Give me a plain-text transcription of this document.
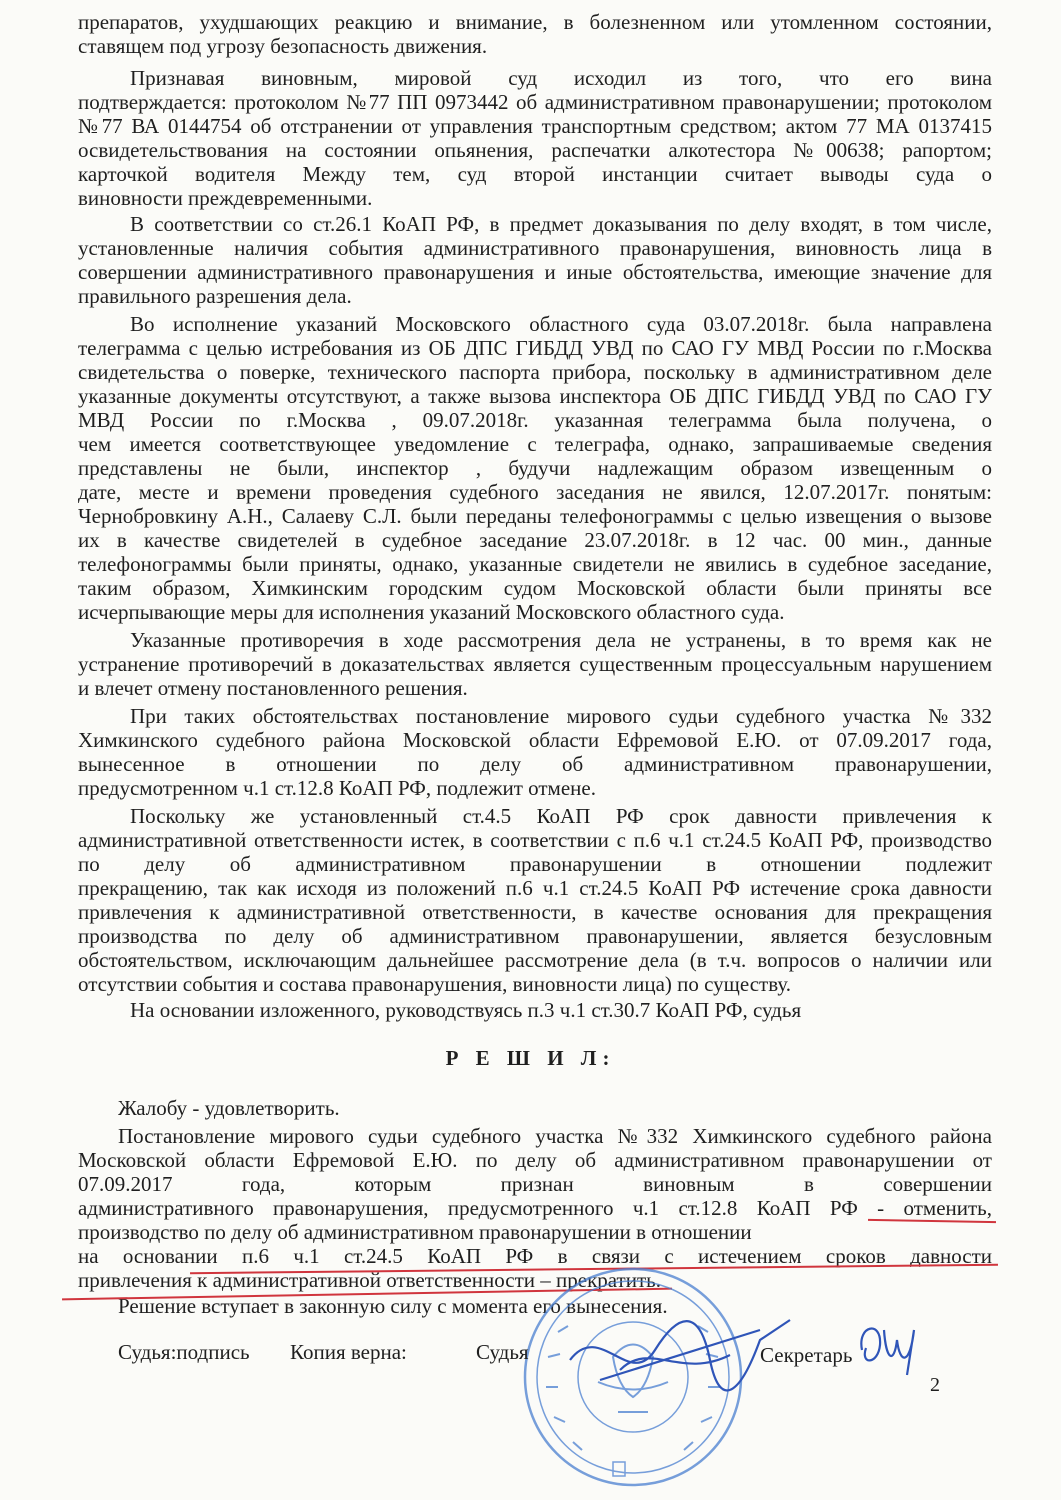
препаратов, ухудшающих реакцию и внимание, в болезненном или утомленном состоянии,
ставящем под угрозу безопасность движения.
Признавая виновным, мировой суд исходил из того, что его вина
подтверждается: протоколом №77 ПП 0973442 об административном правонарушении; протоколом
№77 ВА 0144754 об отстранении от управления транспортным средством; актом 77 МА 0137415
освидетельствования на состоянии опьянения, распечатки алкотестора №00638; рапортом;
карточкой водителя Между тем, суд второй инстанции считает выводы суда о
виновности преждевременными.
В соответствии со ст.26.1 КоАП РФ, в предмет доказывания по делу входят, в том числе,
установленные наличия события административного правонарушения, виновность лица в
совершении административного правонарушения и иные обстоятельства, имеющие значение для
правильного разрешения дела.
Во исполнение указаний Московского областного суда 03.07.2018г. была направлена
телеграмма с целью истребования из ОБ ДПС ГИБДД УВД по САО ГУ МВД России по г.Москва
свидетельства о поверке, технического паспорта прибора, поскольку в административном деле
указанные документы отсутствуют, а также вызова инспектора ОБ ДПС ГИБДД УВД по САО ГУ
МВД России по г.Москва , 09.07.2018г. указанная телеграмма была получена, о
чем имеется соответствующее уведомление с телеграфа, однако, запрашиваемые сведения
представлены не были, инспектор , будучи надлежащим образом извещенным о
дате, месте и времени проведения судебного заседания не явился, 12.07.2017г. понятым:
Чернобровкину А.Н., Салаеву С.Л. были переданы телефонограммы с целью извещения о вызове
их в качестве свидетелей в судебное заседание 23.07.2018г. в 12 час. 00 мин., данные
телефонограммы были приняты, однако, указанные свидетели не явились в судебное заседание,
таким образом, Химкинским городским судом Московской области были приняты все
исчерпывающие меры для исполнения указаний Московского областного суда.
Указанные противоречия в ходе рассмотрения дела не устранены, в то время как не
устранение противоречий в доказательствах является существенным процессуальным нарушением
и влечет отмену постановленного решения.
При таких обстоятельствах постановление мирового судьи судебного участка №332
Химкинского судебного района Московской области Ефремовой Е.Ю. от 07.09.2017 года,
вынесенное в отношении по делу об административном правонарушении,
предусмотренном ч.1 ст.12.8 КоАП РФ, подлежит отмене.
Поскольку же установленный ст.4.5 КоАП РФ срок давности привлечения к
административной ответственности истек, в соответствии с п.6 ч.1 ст.24.5 КоАП РФ, производство
по делу об административном правонарушении в отношении подлежит
прекращению, так как исходя из положений п.6 ч.1 ст.24.5 КоАП РФ истечение срока давности
привлечения к административной ответственности, в качестве основания для прекращения
производства по делу об административном правонарушении, является безусловным
обстоятельством, исключающим дальнейшее рассмотрение дела (в т.ч. вопросов о наличии или
отсутствии события и состава правонарушения, виновности лица) по существу.
На основании изложенного, руководствуясь п.3 ч.1 ст.30.7 КоАП РФ, судья
Р Е Ш И Л:
Жалобу - удовлетворить.
Постановление мирового судьи судебного участка №332 Химкинского судебного района
Московской области Ефремовой Е.Ю. по делу об административном правонарушении от
07.09.2017 года, которым признан виновным в совершении
административного правонарушения, предусмотренного ч.1 ст.12.8 КоАП РФ - отменить,
производство по делу об административном правонарушении в отношении
на основании п.6 ч.1 ст.24.5 КоАП РФ в связи с истечением сроков давности
привлечения к административной ответственности – прекратить.
Решение вступает в законную силу с момента его вынесения.
Судья:подпись Копия верна:	Судья	Секретарь
2
